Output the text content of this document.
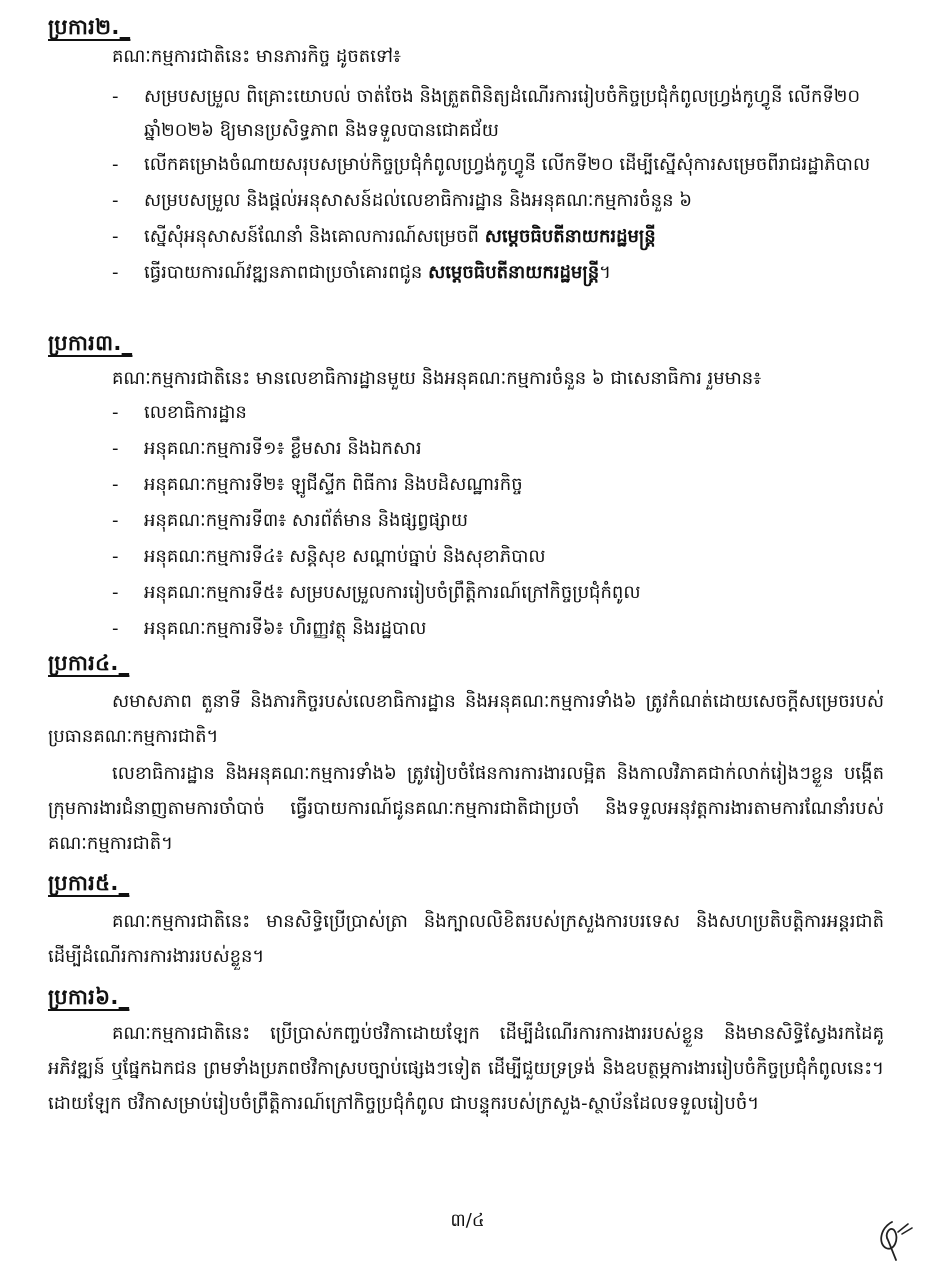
ប្រការ២._

គណៈកម្មការជាតិនេះ មានភារកិច្ច ដូចតទៅ៖

-	សម្របសម្រួល ពិគ្រោះយោបល់ ចាត់ចែង និងត្រួតពិនិត្យដំណើរការរៀបចំកិច្ចប្រជុំកំពូលហ្វ្រង់កូហ្វូនី លើកទី២០ ឆ្នាំ២០២៦ ឱ្យមានប្រសិទ្ធភាព និងទទួលបានជោគជ័យ
-	លើកគម្រោងចំណាយសរុបសម្រាប់កិច្ចប្រជុំកំពូលហ្វ្រង់កូហ្វូនី លើកទី២០ ដើម្បីស្នើសុំការសម្រេចពីរាជរដ្ឋាភិបាល
-	សម្របសម្រួល និងផ្តល់អនុសាសន៍ដល់លេខាធិការដ្ឋាន និងអនុគណៈកម្មការចំនួន ៦
-	ស្នើសុំអនុសាសន៍ណែនាំ និងគោលការណ៍សម្រេចពី សម្តេចធិបតីនាយករដ្ឋមន្ត្រី
-	ធ្វើរបាយការណ៍វឌ្ឍនភាពជាប្រចាំគោរពជូន សម្តេចធិបតីនាយករដ្ឋមន្ត្រី។
ប្រការ៣._

គណៈកម្មការជាតិនេះ មានលេខាធិការដ្ឋានមួយ និងអនុគណៈកម្មការចំនួន ៦ ជាសេនាធិការ រួមមាន៖

-	លេខាធិការដ្ឋាន
-	អនុគណៈកម្មការទី១៖ ខ្លឹមសារ និងឯកសារ
-	អនុគណៈកម្មការទី២៖ ឡូជីស្ទីក ពិធីការ និងបដិសណ្ឋារកិច្ច
-	អនុគណៈកម្មការទី៣៖ សារព័ត៌មាន និងផ្សព្វផ្សាយ
-	អនុគណៈកម្មការទី៤៖ សន្តិសុខ សណ្តាប់ធ្នាប់ និងសុខាភិបាល
-	អនុគណៈកម្មការទី៥៖ សម្របសម្រួលការរៀបចំព្រឹត្តិការណ៍ក្រៅកិច្ចប្រជុំកំពូល
-	អនុគណៈកម្មការទី៦៖ ហិរញ្ញវត្ថុ និងរដ្ឋបាល
ប្រការ៤._

សមាសភាព តួនាទី និងភារកិច្ចរបស់លេខាធិការដ្ឋាន និងអនុគណៈកម្មការទាំង៦ ត្រូវកំណត់ដោយសេចក្តីសម្រេចរបស់ប្រធានគណៈកម្មការជាតិ។

លេខាធិការដ្ឋាន និងអនុគណៈកម្មការទាំង៦ ត្រូវរៀបចំផែនការការងារលម្អិត និងកាលវិភាគជាក់លាក់រៀងៗខ្លួន បង្កើតក្រុមការងារជំនាញតាមការចាំបាច់ ធ្វើរបាយការណ៍ជូនគណៈកម្មការជាតិជាប្រចាំ និងទទួលអនុវត្តការងារតាមការណែនាំរបស់គណៈកម្មការជាតិ។

ប្រការ៥._

គណៈកម្មការជាតិនេះ មានសិទ្ធិប្រើប្រាស់ត្រា និងក្បាលលិខិតរបស់ក្រសួងការបរទេស និងសហប្រតិបត្តិការអន្តរជាតិ ដើម្បីដំណើរការការងាររបស់ខ្លួន។

ប្រការ៦._

គណៈកម្មការជាតិនេះ ប្រើប្រាស់កញ្ចប់ថវិកាដោយឡែក ដើម្បីដំណើរការការងាររបស់ខ្លួន និងមានសិទ្ធិស្វែងរកដៃគូអភិវឌ្ឍន៍ ឬផ្នែកឯកជន ព្រមទាំងប្រភពថវិកាស្របច្បាប់ផ្សេងៗទៀត ដើម្បីជួយទ្រទ្រង់ និងឧបត្ថម្ភការងាររៀបចំកិច្ចប្រជុំកំពូលនេះ។ ដោយឡែក ថវិកាសម្រាប់រៀបចំព្រឹត្តិការណ៍ក្រៅកិច្ចប្រជុំកំពូល ជាបន្ទុករបស់ក្រសួង-ស្ថាប័នដែលទទួលរៀបចំ។

៣/៤
